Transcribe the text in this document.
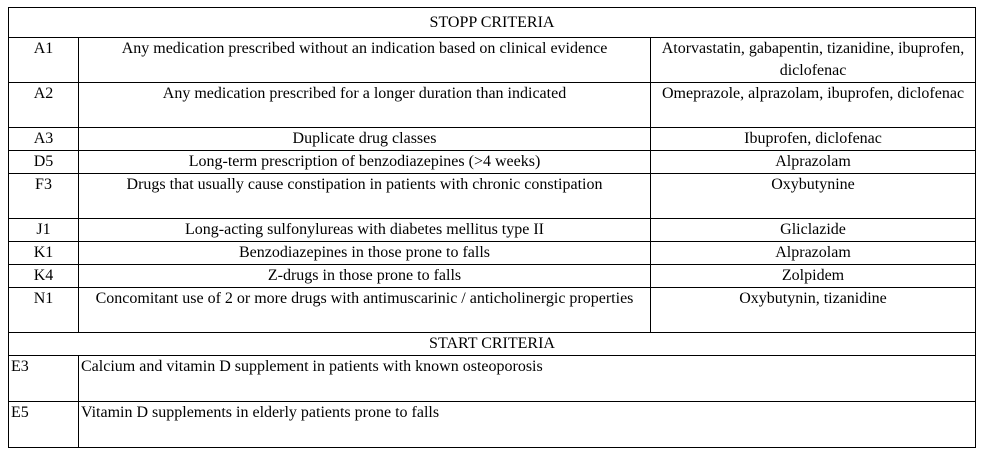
STOPP CRITERIA		
A1	Any medication prescribed without an indication based on clinical evidence	Atorvastatin, gabapentin, tizanidine, ibuprofen, diclofenac
A2	Any medication prescribed for a longer duration than indicated	Omeprazole, alprazolam, ibuprofen, diclofenac
A3	Duplicate drug classes	Ibuprofen, diclofenac
D5	Long-term prescription of benzodiazepines (>4 weeks)	Alprazolam
F3	Drugs that usually cause constipation in patients with chronic constipation	Oxybutynine
J1	Long-acting sulfonylureas with diabetes mellitus type II	Gliclazide
K1	Benzodiazepines in those prone to falls	Alprazolam
K4	Z-drugs in those prone to falls	Zolpidem
N1	Concomitant use of 2 or more drugs with antimuscarinic / anticholinergic properties	Oxybutynin, tizanidine
START CRITERIA		
E3	Calcium and vitamin D supplement in patients with known osteoporosis	
E5	Vitamin D supplements in elderly patients prone to falls	
